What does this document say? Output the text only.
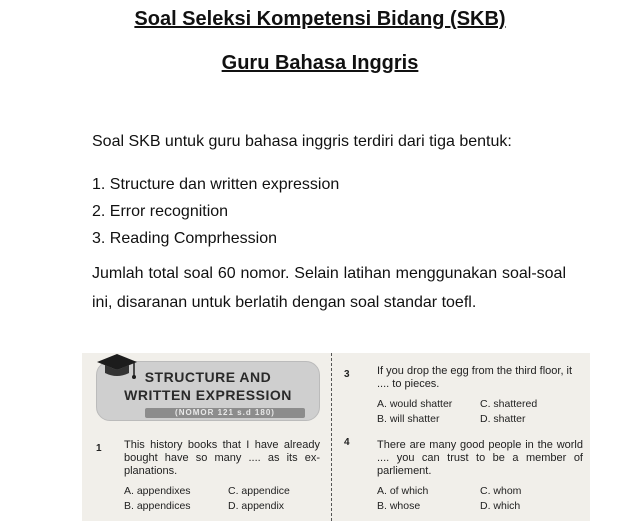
Soal Seleksi Kompetensi Bidang (SKB)
Guru Bahasa Inggris

Soal SKB untuk guru bahasa inggris terdiri dari tiga bentuk:

1. Structure dan written expression
2. Error recognition
3. Reading Comprhession

Jumlah total soal 60 nomor. Selain latihan menggunakan soal-soal ini, disaranan untuk berlatih dengan soal standar toefl.

STRUCTURE AND
WRITTEN EXPRESSION
(NOMOR 121 s.d 180)
1 This history books that I have already
bought have so many .... as its ex-
planations.
A. appendixes	C. appendice
B. appendices	D. appendix
3 If you drop the egg from the third floor, it
.... to pieces.
A. would shatter	C. shattered
B. will shatter	D. shatter
4 There are many good people in the world
.... you can trust to be a member of
parliement.
A. of which	C. whom
B. whose	D. which
